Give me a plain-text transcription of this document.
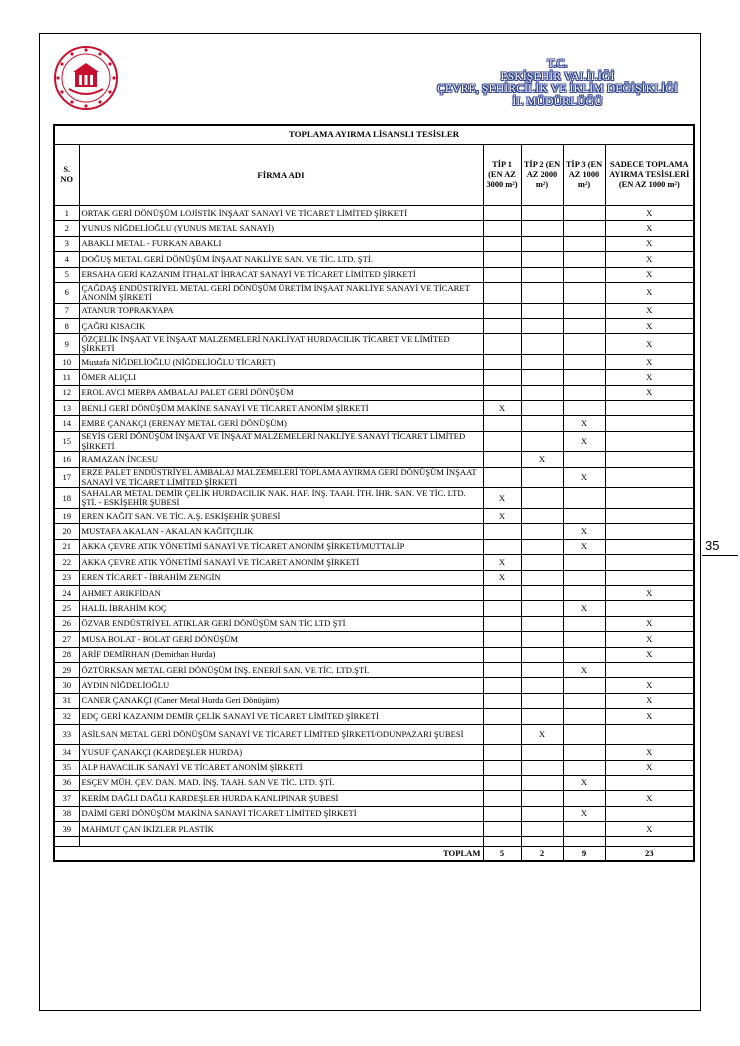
T.C.
ESKİŞEHİR VALİLİĞİ
ÇEVRE, ŞEHİRCİLİK VE İKLİM DEĞİŞİKLİĞİ
İL MÜDÜRLÜĞÜ
35
TOPLAMA AYIRMA LİSANSLI TESİSLER					
S. NO	FİRMA ADI	TİP 1 (EN AZ 3000 m²)	TİP 2 (EN AZ 2000 m²)	TİP 3 (EN AZ 1000 m²)	SADECE TOPLAMA AYIRMA TESİSLERİ (EN AZ 1000 m²)
1	ORTAK GERİ DÖNÜŞÜM LOJİSTİK İNŞAAT SANAYİ VE TİCARET LİMİTED ŞİRKETİ				X
2	YUNUS NİĞDELİOĞLU (YUNUS METAL SANAYİ)				X
3	ABAKLI METAL - FURKAN ABAKLI				X
4	DOĞUŞ METAL GERİ DÖNÜŞÜM İNŞAAT NAKLİYE SAN. VE TİC. LTD. ŞTİ.				X
5	ERSAHA GERİ KAZANIM İTHALAT İHRACAT SANAYİ VE TİCARET LİMİTED ŞİRKETİ				X
6	ÇAĞDAŞ ENDÜSTRİYEL METAL GERİ DÖNÜŞÜM ÜRETİM İNŞAAT NAKLİYE SANAYİ VE TİCARET ANONİM ŞİRKETİ				X
7	ATANUR TOPRAKYAPA				X
8	ÇAĞRI KISACIK				X
9	ÖZÇELİK İNŞAAT VE İNŞAAT MALZEMELERİ NAKLİYAT HURDACILIK TİCARET VE LİMİTED ŞİRKETİ				X
10	Mustafa NİĞDELİOĞLU (NİĞDELİOĞLU TİCARET)				X
11	ÖMER ALIÇLI				X
12	EROL AVCI MERPA AMBALAJ PALET GERİ DÖNÜŞÜM				X
13	BENLİ GERİ DÖNÜŞÜM MAKİNE SANAYİ VE TİCARET ANONİM ŞİRKETİ	X			
14	EMRE ÇANAKÇI (ERENAY METAL GERİ DÖNÜŞÜM)			X	
15	SEYİS GERİ DÖNÜŞÜM İNŞAAT VE İNŞAAT MALZEMELERİ NAKLİYE SANAYİ TİCARET LİMİTED ŞİRKETİ			X	
16	RAMAZAN İNCESU		X		
17	ERZE PALET ENDÜSTRİYEL AMBALAJ MALZEMELERİ TOPLAMA AYIRMA GERİ DÖNÜŞÜM İNŞAAT SANAYİ VE TİCARET LİMİTED ŞİRKETİ			X	
18	SAHALAR METAL DEMİR ÇELİK HURDACILIK NAK. HAF. İNŞ. TAAH. İTH. İHR. SAN. VE TİC. LTD. ŞTİ. - ESKİŞEHİR ŞUBESİ	X			
19	EREN KAĞIT SAN. VE TİC. A.Ş. ESKİŞEHİR ŞUBESİ	X			
20	MUSTAFA AKALAN - AKALAN KAĞITÇILIK			X	
21	AKKA ÇEVRE ATIK YÖNETİMİ SANAYİ VE TİCARET ANONİM ŞİRKETİ/MUTTALİP			X	
22	AKKA ÇEVRE ATIK YÖNETİMİ SANAYİ VE TİCARET ANONİM ŞİRKETİ	X			
23	EREN TİCARET - İBRAHİM ZENGİN	X			
24	AHMET ARIKFİDAN				X
25	HALİL İBRAHİM KOÇ			X	
26	ÖZVAR ENDÜSTRİYEL ATIKLAR GERİ DÖNÜŞÜM SAN TİC LTD ŞTİ				X
27	MUSA BOLAT - BOLAT GERİ DÖNÜŞÜM				X
28	ARİF DEMİRHAN (Demirhan Hurda)				X
29	ÖZTÜRKSAN METAL GERİ DÖNÜŞÜM İNŞ. ENERJİ SAN. VE TİC. LTD.ŞTİ.			X	
30	AYDIN NİĞDELİOĞLU				X
31	CANER ÇANAKÇI (Caner Metal Hurda Geri Dönüşüm)				X
32	EDÇ GERİ KAZANIM DEMİR ÇELİK SANAYİ VE TİCARET LİMİTED ŞİRKETİ				X
33	ASİLSAN METAL GERİ DÖNÜŞÜM SANAYİ VE TİCARET LİMİTED ŞİRKETİ/ODUNPAZARI ŞUBESİ		X		
34	YUSUF ÇANAKÇI (KARDEŞLER HURDA)				X
35	ALP HAVACILIK SANAYİ VE TİCARET ANONİM ŞİRKETİ				X
36	ESÇEV MÜH. ÇEV. DAN. MAD. İNŞ. TAAH. SAN VE TİC. LTD. ŞTİ.			X	
37	KERİM DAĞLI DAĞLI KARDEŞLER HURDA KANLIPINAR ŞUBESİ				X
38	DAİMİ GERİ DÖNÜŞÜM MAKİNA SANAYİ TİCARET LİMİTED ŞİRKETİ			X	
39	MAHMUT ÇAN İKİZLER PLASTİK				X

TOPLAM		5	2	9	23
